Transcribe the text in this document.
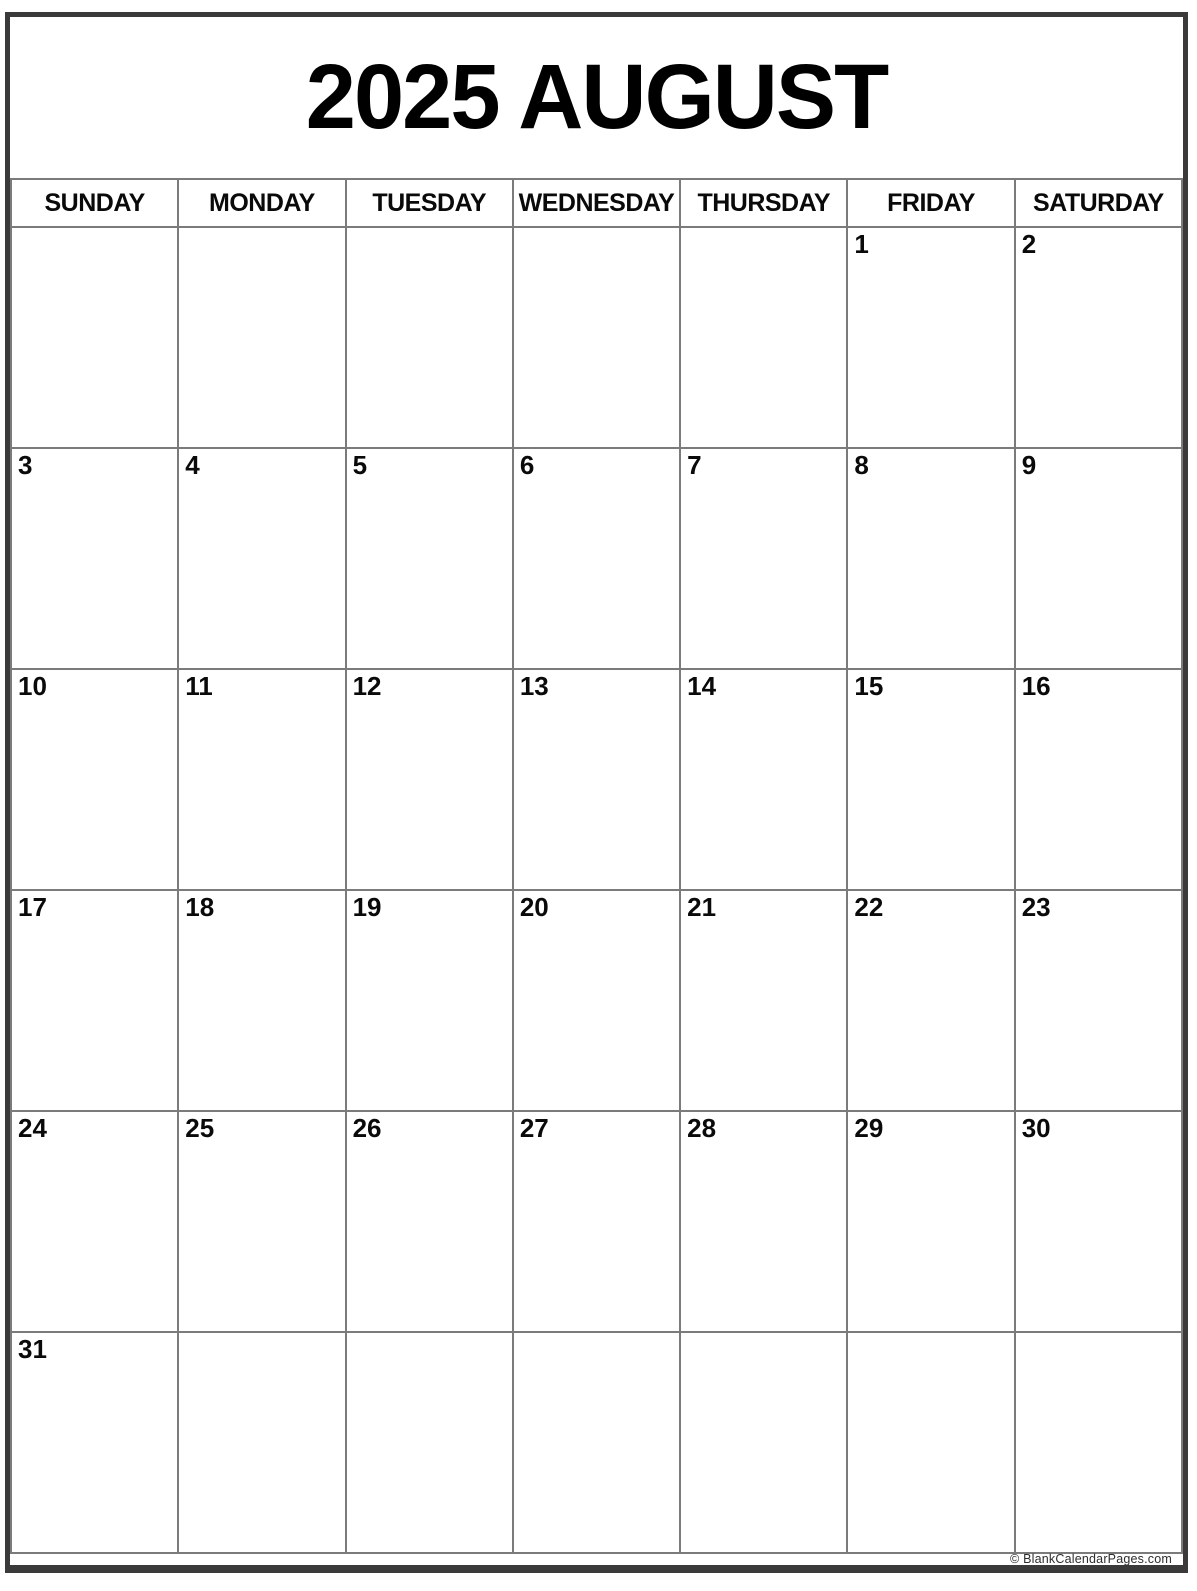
2025 AUGUST
SUNDAY	MONDAY	TUESDAY	WEDNESDAY	THURSDAY	FRIDAY	SATURDAY
					1	2
3	4	5	6	7	8	9
10	11	12	13	14	15	16
17	18	19	20	21	22	23
24	25	26	27	28	29	30
31						
© BlankCalendarPages.com
